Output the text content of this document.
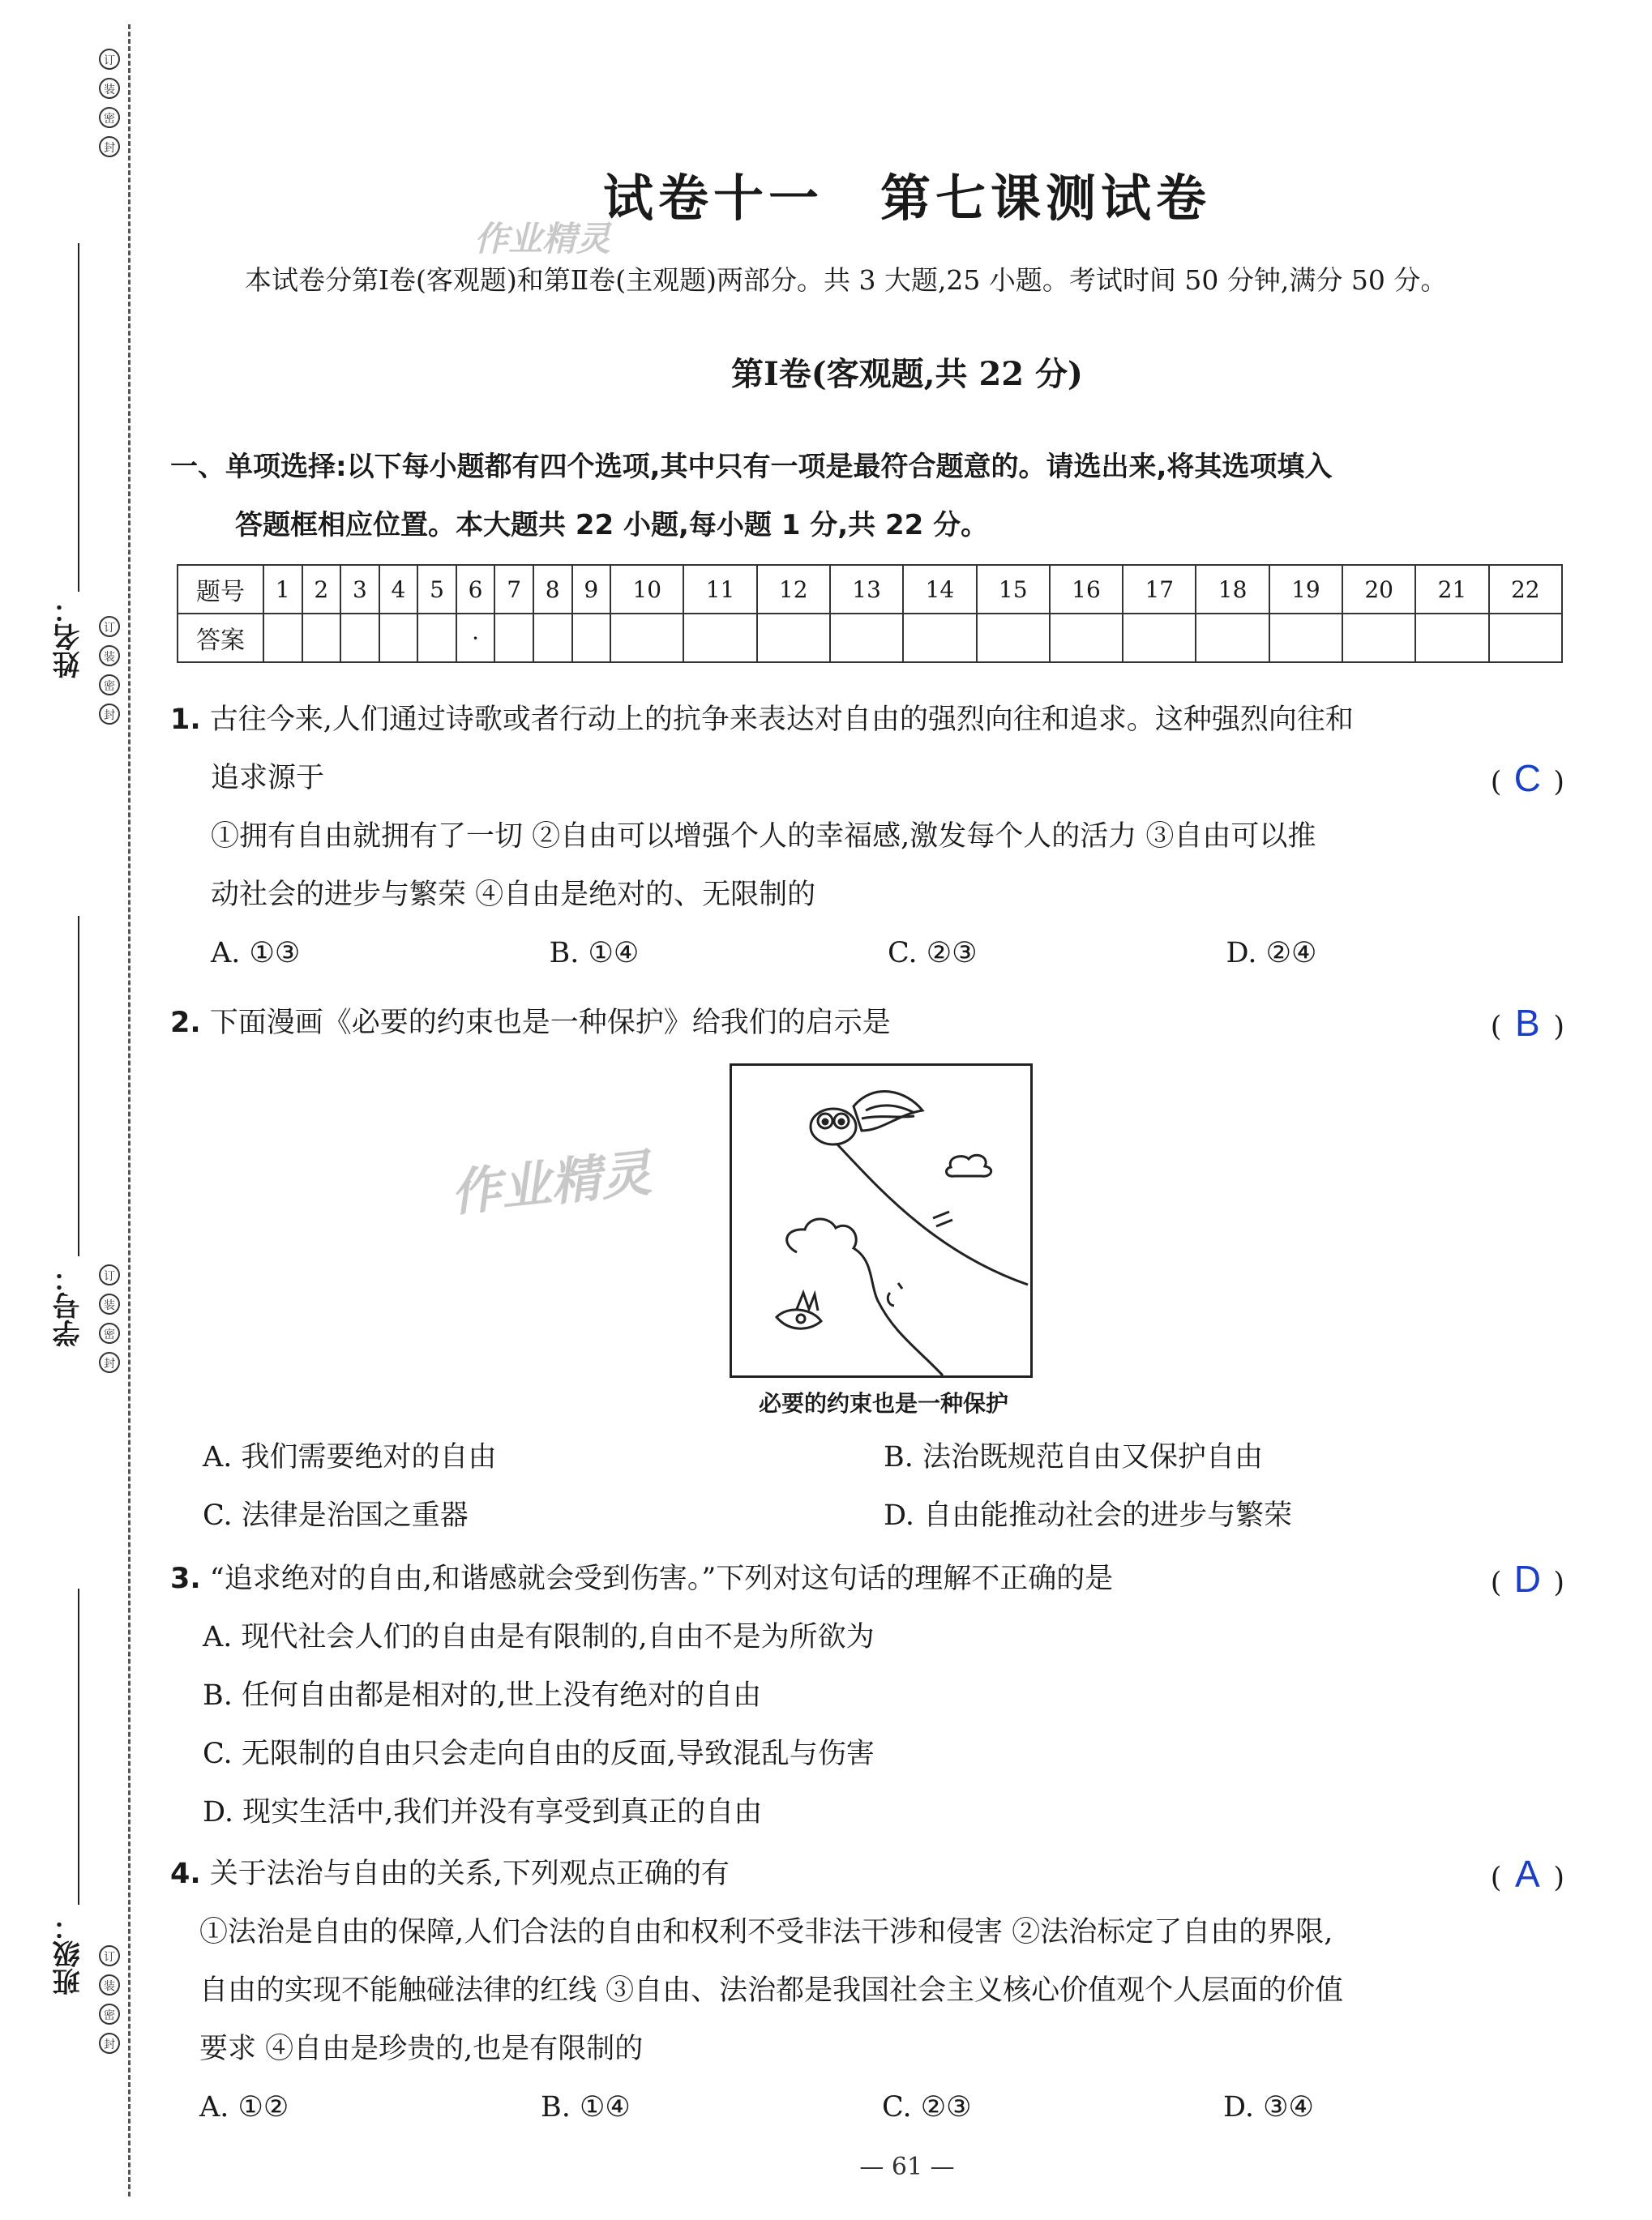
订
装
密
封
订
装
密
封
订
装
密
封
订
装
密
封
姓名：
学号：
班级：
作业精灵
作业精灵
试卷十一 第七课测试卷
本试卷分第Ⅰ卷(客观题)和第Ⅱ卷(主观题)两部分。共 3 大题,25 小题。考试时间 50 分钟,满分 50 分。
第Ⅰ卷(客观题,共 22 分)
一、单项选择:以下每小题都有四个选项,其中只有一项是最符合题意的。请选出来,将其选项填入
答题框相应位置。本大题共 22 小题,每小题 1 分,共 22 分。
题号	1	2	3	4	5	6	7	8	9	10	11	12	13	14	15	16	17	18	19	20	21	22
答案						·																
1. 古往今来,人们通过诗歌或者行动上的抗争来表达对自由的强烈向往和追求。这种强烈向往和
追求源于	( C )
①拥有自由就拥有了一切 ②自由可以增强个人的幸福感,激发每个人的活力 ③自由可以推
动社会的进步与繁荣 ④自由是绝对的、无限制的
A. ①③	B. ①④	C. ②③	D. ②④
2. 下面漫画《必要的约束也是一种保护》给我们的启示是	( B )
必要的约束也是一种保护
A. 我们需要绝对的自由	B. 法治既规范自由又保护自由
C. 法律是治国之重器	D. 自由能推动社会的进步与繁荣
3. “追求绝对的自由,和谐感就会受到伤害。”下列对这句话的理解不正确的是	( D )
A. 现代社会人们的自由是有限制的,自由不是为所欲为
B. 任何自由都是相对的,世上没有绝对的自由
C. 无限制的自由只会走向自由的反面,导致混乱与伤害
D. 现实生活中,我们并没有享受到真正的自由
4. 关于法治与自由的关系,下列观点正确的有	( A )
①法治是自由的保障,人们合法的自由和权利不受非法干涉和侵害 ②法治标定了自由的界限,
自由的实现不能触碰法律的红线 ③自由、法治都是我国社会主义核心价值观个人层面的价值
要求 ④自由是珍贵的,也是有限制的
A. ①②	B. ①④	C. ②③	D. ③④
— 61 —
